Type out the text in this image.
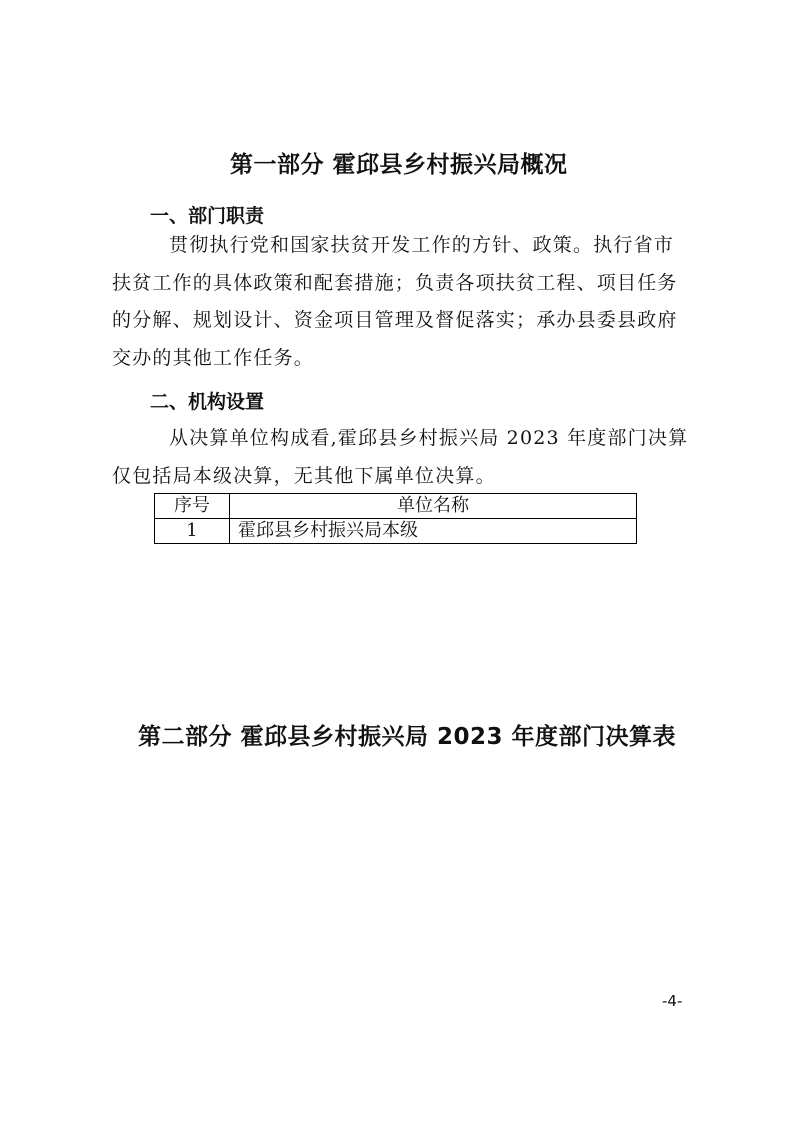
第一部分 霍邱县乡村振兴局概况
一、部门职责
贯彻执行党和国家扶贫开发工作的方针、政策。执行省市
扶贫工作的具体政策和配套措施；负责各项扶贫工程、项目任务
的分解、规划设计、资金项目管理及督促落实；承办县委县政府
交办的其他工作任务。
二、机构设置
从决算单位构成看,霍邱县乡村振兴局 2023 年度部门决算
仅包括局本级决算，无其他下属单位决算。
序号	单位名称
1	霍邱县乡村振兴局本级
第二部分 霍邱县乡村振兴局 2023 年度部门决算表
-4-
